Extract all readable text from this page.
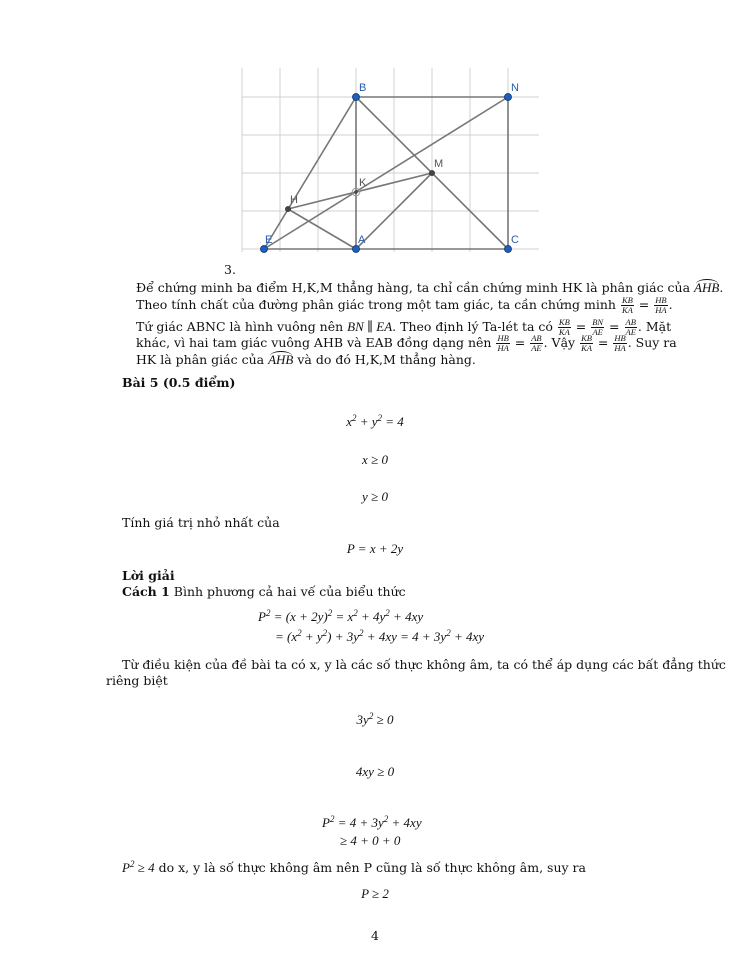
B	N
M
K
H
E	A	C
3.
Để chứng minh ba điểm H,K,M thẳng hàng, ta chỉ cần chứng minh HK là phân giác của AHB.
Theo tính chất của đường phân giác trong một tam giác, ta cần chứng minh $\frac{KB}{KA} = \frac{HB}{HA}$ .
Tứ giác ABNC là hình vuông nên BN ∥ EA. Theo định lý Ta-lét ta có $\frac{KB}{KA} = \frac{BN}{AE} = \frac{AB}{AE}$ . Mặt
khác, vì hai tam giác vuông AHB và EAB đồng dạng nên $\frac{HB}{HA} = \frac{AB}{AE}$ . Vậy $\frac{KB}{KA} = \frac{HB}{HA}$ . Suy ra
HK là phân giác của AHB và do đó H,K,M thẳng hàng.
Bài 5 (0.5 điểm)
$x^2 + y^2 = 4$
x ≥ 0
y ≥ 0
Tính giá trị nhỏ nhất của
P = x + 2y
Lời giải
Cách 1 Bình phương cả hai vế của biểu thức
$P^2 = (x + 2y)^2 = x^2 + 4y^2 + 4xy$
= $(x^2 + y^2) + 3y^2 + 4xy = 4 + 3y^2 + 4xy$
Từ điều kiện của đề bài ta có x, y là các số thực không âm, ta có thể áp dụng các bất đẳng thức
riêng biệt
$3y^2 \ge 0$
4xy ≥ 0
$P^2 = 4 + 3y^2 + 4xy$
≥ 4 + 0 + 0
$P^2 \ge 4$ do x, y là số thực không âm nên P cũng là số thực không âm, suy ra
P ≥ 2
4
